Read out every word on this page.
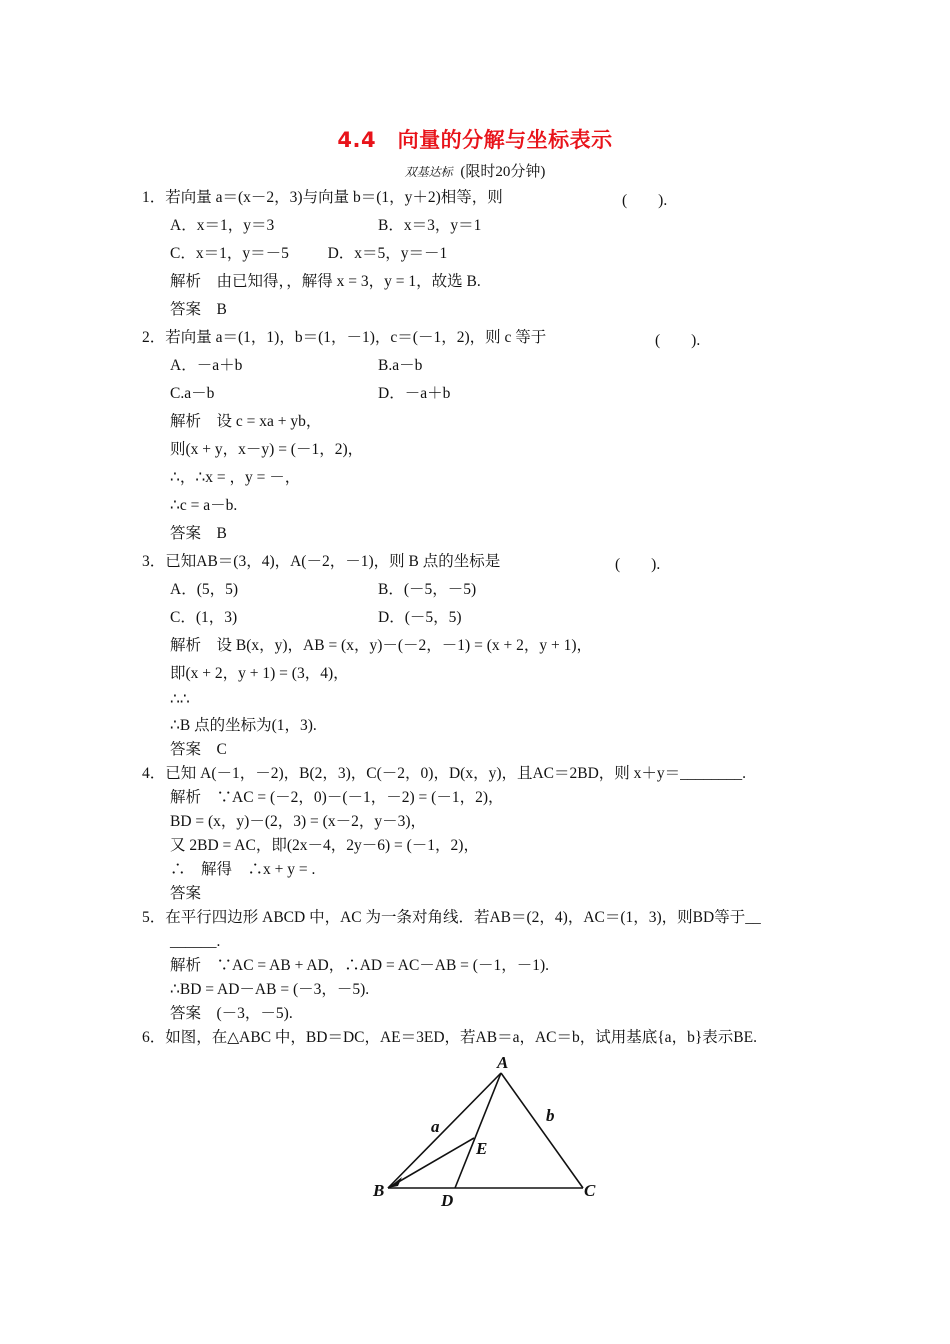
4.4　向量的分解与坐标表示
双基达标 (限时20分钟)
1．若向量 a＝(x－2，3)与向量 b＝(1，y＋2)相等，则
A．x＝1，y＝3	B．x＝3，y＝1
C．x＝1，y＝－5          D．x＝5，y＝－1
解析　由已知得，，解得 x = 3，y = 1，故选 B.
答案　B
2．若向量 a＝(1，1)，b＝(1，－1)，c＝(－1，2)，则 c 等于
A．－a＋b	B.a－b
C.a－b	D．－a＋b
解析　设 c = xa + yb，
则(x + y，x－y) = (－1，2)，
∴，∴x = ，y = －，
∴c = a－b.
答案　B
3．已知AB＝(3，4)，A(－2，－1)，则 B 点的坐标是
A．(5，5)	B．(－5，－5)
C．(1，3)	D．(－5，5)
解析　设 B(x，y)，AB = (x，y)－(－2，－1) = (x + 2，y + 1)，
即(x + 2，y + 1) = (3，4)，
∴∴
∴B 点的坐标为(1，3).
答案　C
4．已知 A(－1，－2)，B(2，3)，C(－2，0)，D(x，y)，且AC＝2BD，则 x＋y＝________.
解析　∵AC = (－2，0)－(－1，－2) = (－1，2)，
BD = (x，y)－(2，3) = (x－2，y－3)，
又 2BD = AC，即(2x－4，2y－6) = (－1，2)，
∴　解得　∴x + y = .
答案
5．在平行四边形 ABCD 中，AC 为一条对角线．若AB＝(2，4)，AC＝(1，3)，则BD等于__
______.
解析　∵AC = AB + AD，∴AD = AC－AB = (－1，－1).
∴BD = AD－AB = (－3，－5).
答案　(－3，－5).
6．如图，在△ABC 中，BD＝DC，AE＝3ED，若AB＝a，AC＝b，试用基底{a，b}表示BE.
(　　).
(　　).
(　　).
A
B	C
D
E
a
b
